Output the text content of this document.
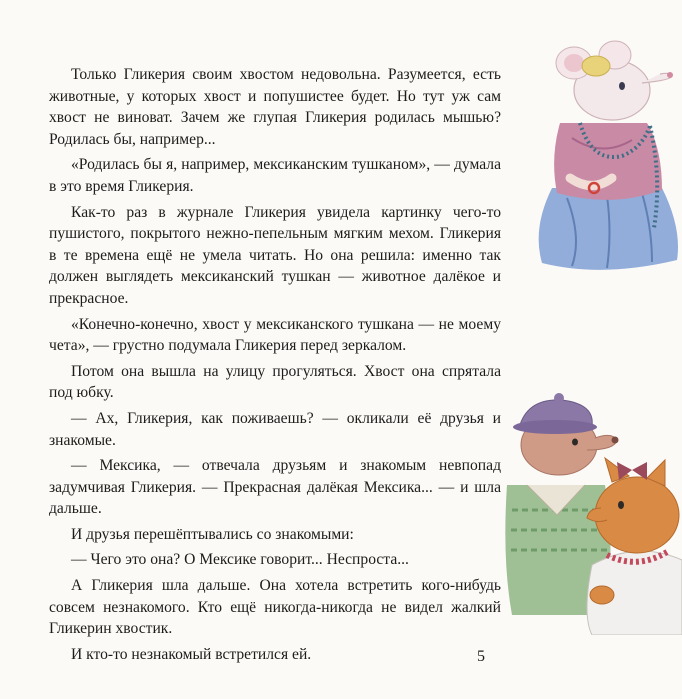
Только Гликерия своим хвостом недовольна. Разумеется, есть животные, у которых хвост и попушистее будет. Но тут уж сам хвост не виноват. Зачем же глупая Гликерия родилась мышью? Родилась бы, например...

«Родилась бы я, например, мексиканским тушканом», — думала в это время Гликерия.

Как-то раз в журнале Гликерия увидела картинку чего-то пушистого, покрытого нежно-пепельным мягким мехом. Гликерия в те времена ещё не умела читать. Но она решила: именно так должен выглядеть мексиканский тушкан — животное далёкое и прекрасное.

«Конечно-конечно, хвост у мексиканского тушкана — не моему чета», — грустно подумала Гликерия перед зеркалом.

Потом она вышла на улицу прогуляться. Хвост она спрятала под юбку.

— Ах, Гликерия, как поживаешь? — окликали её друзья и знакомые.

— Мексика, — отвечала друзьям и знакомым невпопад задумчивая Гликерия. — Прекрасная далёкая Мексика... — и шла дальше.

И друзья перешёптывались со знакомыми:

— Чего это она? О Мексике говорит... Неспроста...

А Гликерия шла дальше. Она хотела встретить кого-нибудь совсем незнакомого. Кто ещё никогда-никогда не видел жалкий Гликерин хвостик.

И кто-то незнакомый встретился ей.	5
